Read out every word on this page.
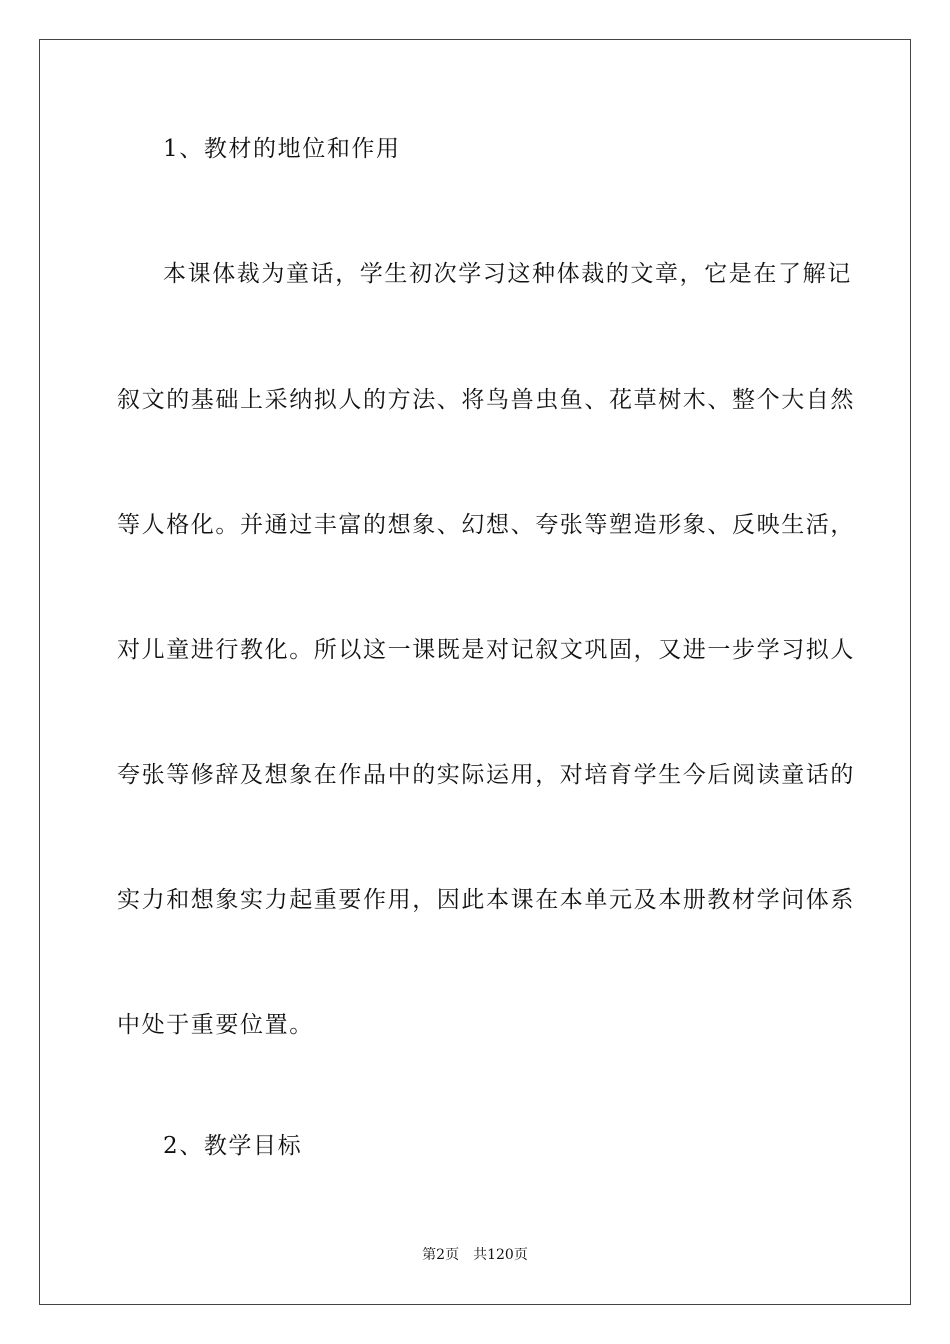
1、教材的地位和作用
本课体裁为童话，学生初次学习这种体裁的文章，它是在了解记
叙文的基础上采纳拟人的方法、将鸟兽虫鱼、花草树木、整个大自然
等人格化。并通过丰富的想象、幻想、夸张等塑造形象、反映生活，
对儿童进行教化。所以这一课既是对记叙文巩固，又进一步学习拟人
夸张等修辞及想象在作品中的实际运用，对培育学生今后阅读童话的
实力和想象实力起重要作用，因此本课在本单元及本册教材学问体系
中处于重要位置。
2、教学目标
第2页 共120页
